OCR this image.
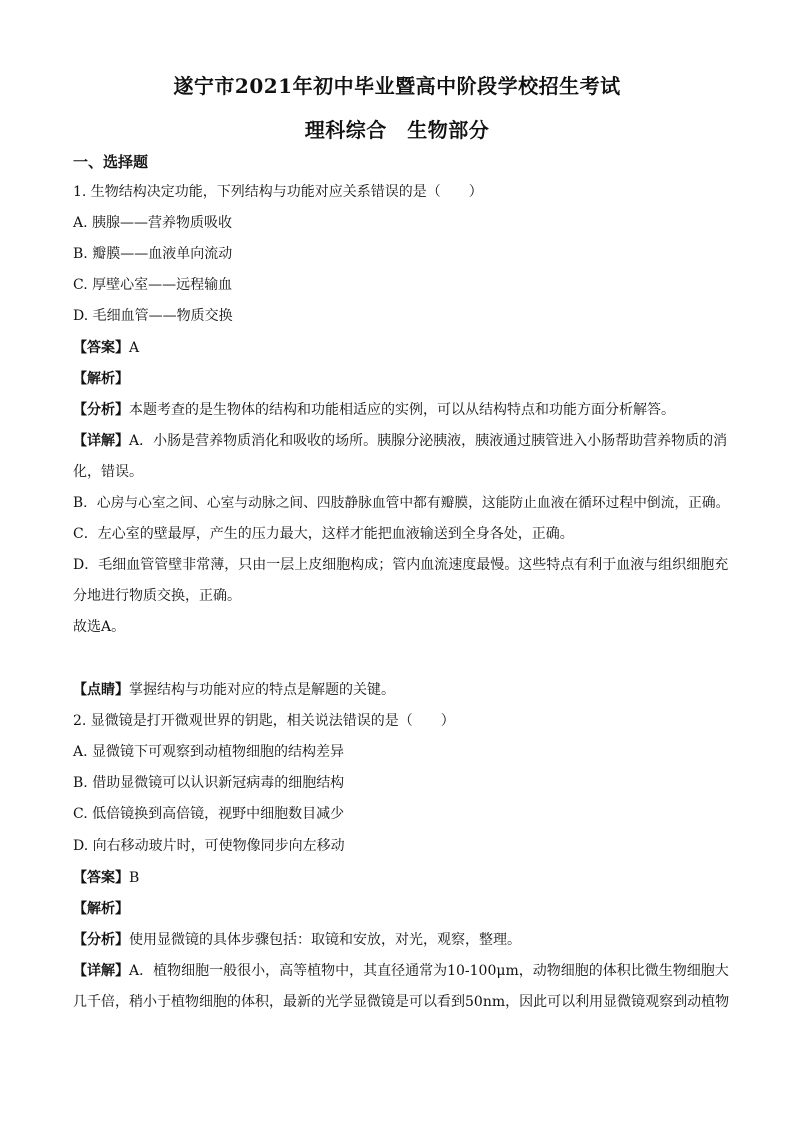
遂宁市2021年初中毕业暨高中阶段学校招生考试
理科综合　生物部分
一、选择题
1. 生物结构决定功能，下列结构与功能对应关系错误的是（　　）
A. 胰腺——营养物质吸收
B. 瓣膜——血液单向流动
C. 厚壁心室——远程输血
D. 毛细血管——物质交换
【答案】A
【解析】
【分析】本题考查的是生物体的结构和功能相适应的实例，可以从结构特点和功能方面分析解答。
【详解】A．小肠是营养物质消化和吸收的场所。胰腺分泌胰液，胰液通过胰管进入小肠帮助营养物质的消
化，错误。
B．心房与心室之间、心室与动脉之间、四肢静脉血管中都有瓣膜，这能防止血液在循环过程中倒流，正确。
C．左心室的壁最厚，产生的压力最大，这样才能把血液输送到全身各处，正确。
D．毛细血管管壁非常薄，只由一层上皮细胞构成；管内血流速度最慢。这些特点有利于血液与组织细胞充
分地进行物质交换，正确。
故选A。
【点睛】掌握结构与功能对应的特点是解题的关键。
2. 显微镜是打开微观世界的钥匙，相关说法错误的是（　　）
A. 显微镜下可观察到动植物细胞的结构差异
B. 借助显微镜可以认识新冠病毒的细胞结构
C. 低倍镜换到高倍镜，视野中细胞数目减少
D. 向右移动玻片时，可使物像同步向左移动
【答案】B
【解析】
【分析】使用显微镜的具体步骤包括：取镜和安放，对光，观察，整理。
【详解】A．植物细胞一般很小，高等植物中，其直径通常为10-100μm，动物细胞的体积比微生物细胞大
几千倍，稍小于植物细胞的体积，最新的光学显微镜是可以看到50nm，因此可以利用显微镜观察到动植物
